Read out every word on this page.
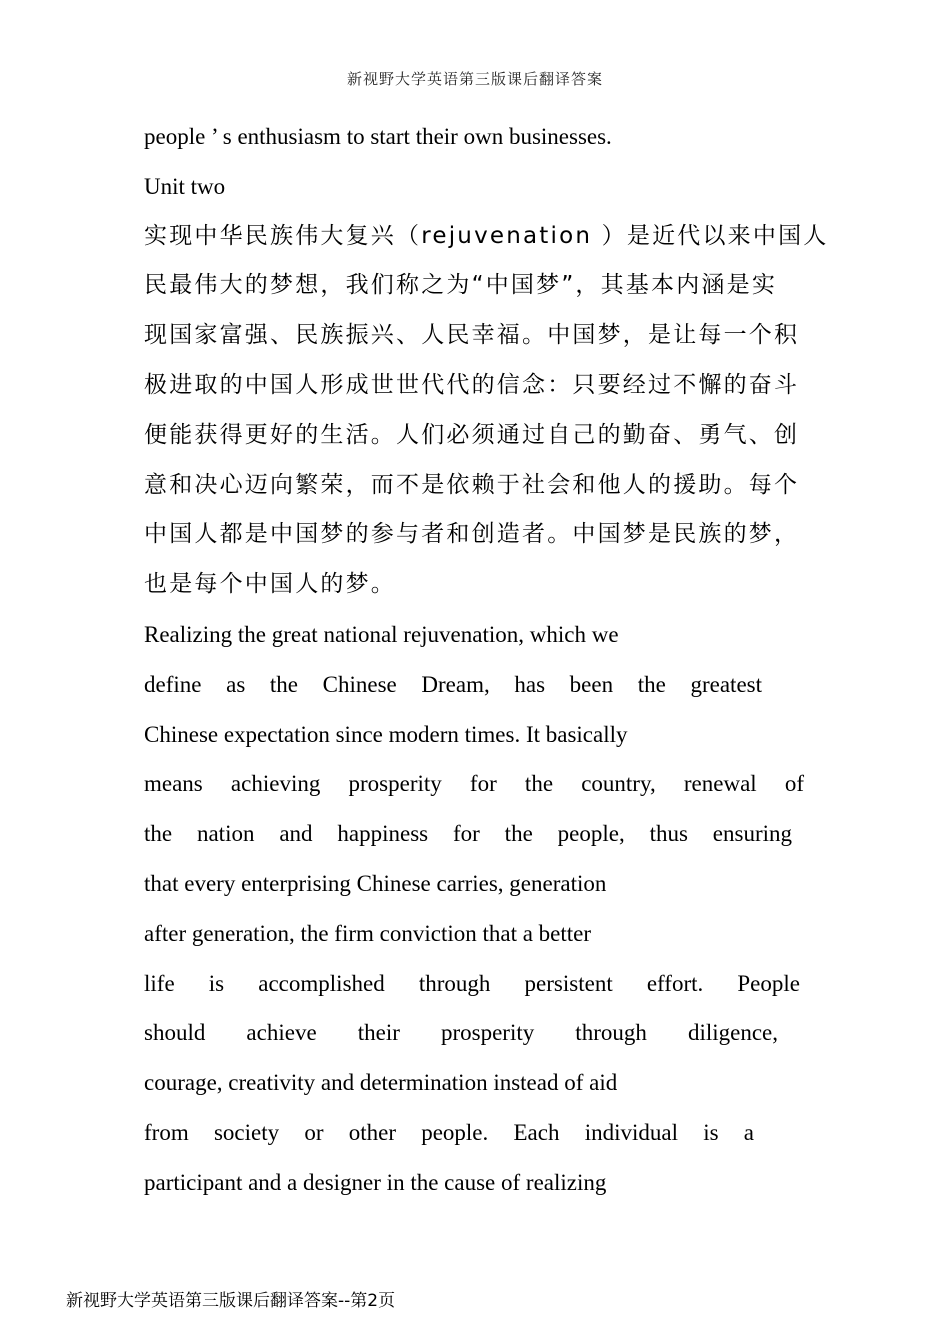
新视野大学英语第三版课后翻译答案
people ’ s enthusiasm to start their own businesses.
Unit two
实现中华民族伟大复兴（rejuvenation ）是近代以来中国人
民最伟大的梦想，我们称之为“中国梦”，其基本内涵是实
现国家富强、民族振兴、人民幸福。中国梦，是让每一个积
极进取的中国人形成世世代代的信念：只要经过不懈的奋斗
便能获得更好的生活。人们必须通过自己的勤奋、勇气、创
意和决心迈向繁荣，而不是依赖于社会和他人的援助。每个
中国人都是中国梦的参与者和创造者。中国梦是民族的梦，
也是每个中国人的梦。
Realizing the great national rejuvenation, which we
define as the Chinese Dream, has been the greatest
Chinese expectation since modern times. It basically
means achieving prosperity for the country, renewal of
the nation and happiness for the people, thus ensuring
that every enterprising Chinese carries, generation
after generation, the firm conviction that a better
life is accomplished through persistent effort. People
should achieve their prosperity through diligence,
courage, creativity and determination instead of aid
from society or other people. Each individual is a
participant and a designer in the cause of realizing
新视野大学英语第三版课后翻译答案--第2页
